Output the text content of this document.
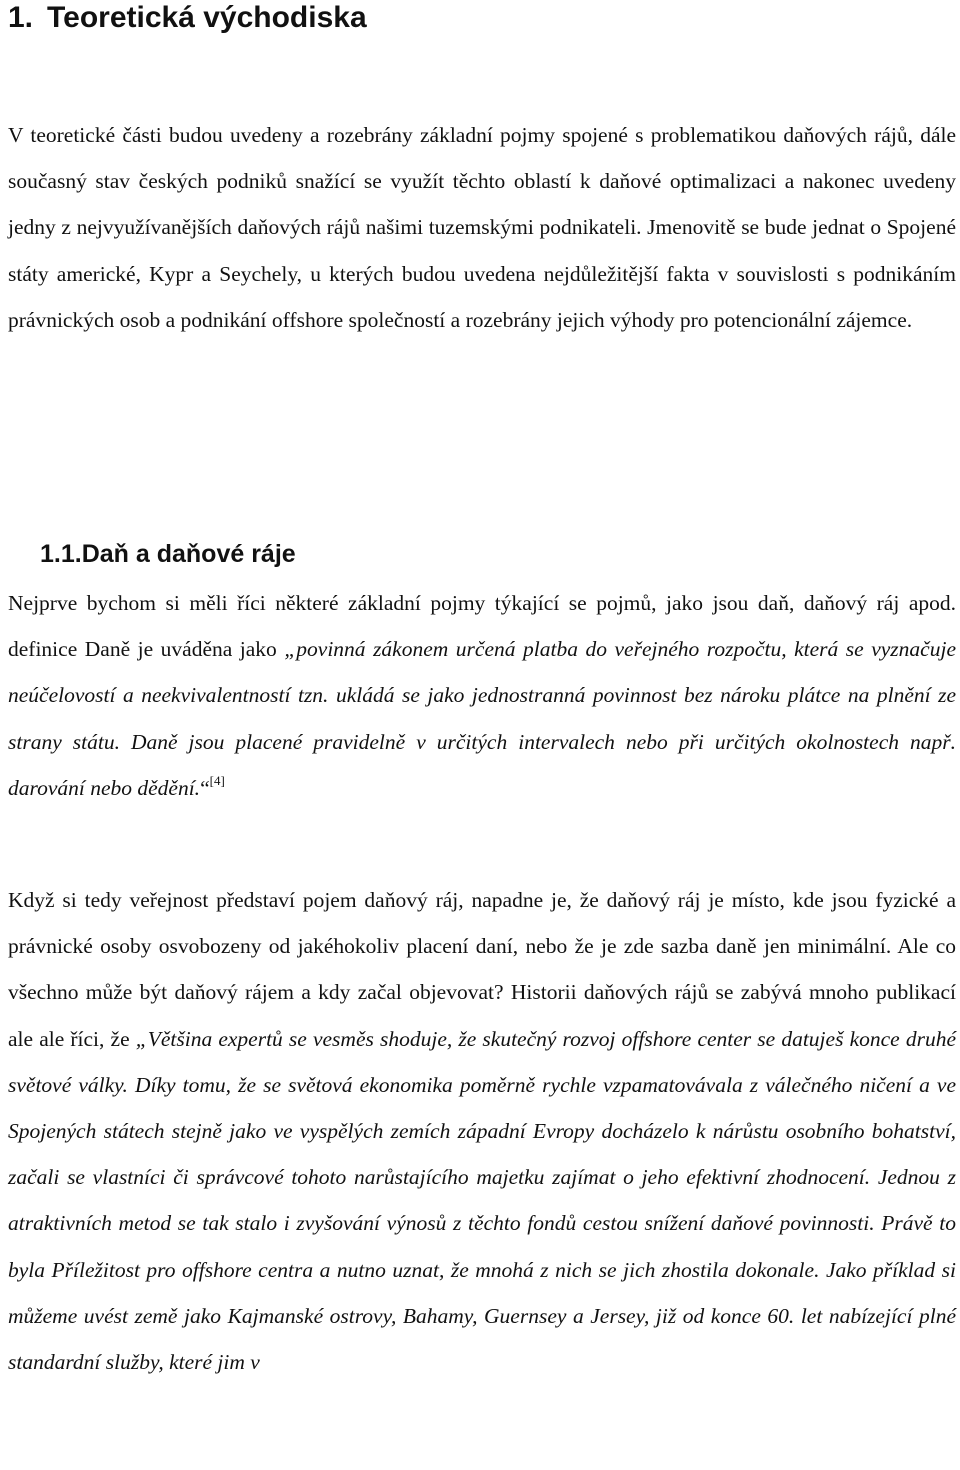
1. Teoretická východiska

V teoretické části budou uvedeny a rozebrány základní pojmy spojené s problematikou daňových rájů, dále současný stav českých podniků snažící se využít těchto oblastí k daňové optimalizaci a nakonec uvedeny jedny z nejvyužívanějších daňových rájů našimi tuzemskými podnikateli. Jmenovitě se bude jednat o Spojené státy americké, Kypr a Seychely, u kterých budou uvedena nejdůležitější fakta v souvislosti s podnikáním právnických osob a podnikání offshore společností a rozebrány jejich výhody pro potencionální zájemce.

1.1.Daň a daňové ráje

Nejprve bychom si měli říci některé základní pojmy týkající se pojmů, jako jsou daň, daňový ráj apod. definice Daně je uváděna jako „povinná zákonem určená platba do veřejného rozpočtu, která se vyznačuje neúčelovostí a neekvivalentností tzn. ukládá se jako jednostranná povinnost bez nároku plátce na plnění ze strany státu. Daně jsou placené pravidelně v určitých intervalech nebo při určitých okolnostech např. darování nebo dědění.“[4]

Když si tedy veřejnost představí pojem daňový ráj, napadne je, že daňový ráj je místo, kde jsou fyzické a právnické osoby osvobozeny od jakéhokoliv placení daní, nebo že je zde sazba daně jen minimální. Ale co všechno může být daňový rájem a kdy začal objevovat? Historii daňových rájů se zabývá mnoho publikací ale ale říci, že „Většina expertů se vesměs shoduje, že skutečný rozvoj offshore center se datuješ konce druhé světové války. Díky tomu, že se světová ekonomika poměrně rychle vzpamatovávala z válečného ničení a ve Spojených státech stejně jako ve vyspělých zemích západní Evropy docházelo k nárůstu osobního bohatství, začali se vlastníci či správcové tohoto narůstajícího majetku zajímat o jeho efektivní zhodnocení. Jednou z atraktivních metod se tak stalo i zvyšování výnosů z těchto fondů cestou snížení daňové povinnosti. Právě to byla Příležitost pro offshore centra a nutno uznat, že mnohá z nich se jich zhostila dokonale. Jako příklad si můžeme uvést země jako Kajmanské ostrovy, Bahamy, Guernsey a Jersey, již od konce 60. let nabízející plné standardní služby, které jim v
